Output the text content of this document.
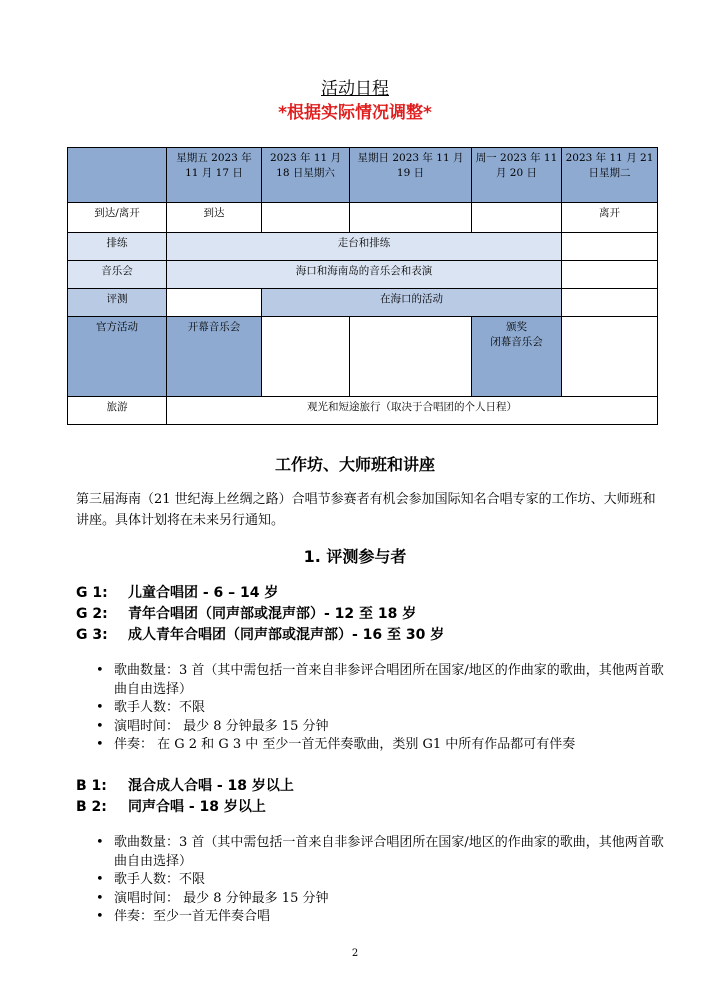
活动日程
*根据实际情况调整*
	星期五 2023 年 11 月 17 日	2023 年 11 月 18 日星期六	星期日 2023 年 11 月 19 日	周一 2023 年 11 月 20 日	2023 年 11 月 21 日星期二
到达/离开	到达				离开
排练	走台和排练				
音乐会	海口和海南岛的音乐会和表演				
评测		在海口的活动			
官方活动	开幕音乐会			颁奖
闭幕音乐会	
旅游	观光和短途旅行（取决于合唱团的个人日程）				
工作坊、大师班和讲座
第三届海南（21 世纪海上丝绸之路）合唱节参赛者有机会参加国际知名合唱专家的工作坊、大师班和讲座。具体计划将在未来另行通知。
1. 评测参与者
G 1: 儿童合唱团 - 6 – 14 岁
G 2: 青年合唱团（同声部或混声部）- 12 至 18 岁
G 3: 成人青年合唱团（同声部或混声部）- 16 至 30 岁
• 歌曲数量：3 首（其中需包括一首来自非参评合唱团所在国家/地区的作曲家的歌曲，其他两首歌曲自由选择）
• 歌手人数：不限
• 演唱时间： 最少 8 分钟最多 15 分钟
• 伴奏： 在 G 2 和 G 3 中 至少一首无伴奏歌曲，类别 G1 中所有作品都可有伴奏
B 1: 混合成人合唱 - 18 岁以上
B 2: 同声合唱 - 18 岁以上
• 歌曲数量：3 首（其中需包括一首来自非参评合唱团所在国家/地区的作曲家的歌曲，其他两首歌曲自由选择）
• 歌手人数：不限
• 演唱时间： 最少 8 分钟最多 15 分钟
• 伴奏：至少一首无伴奏合唱
2
